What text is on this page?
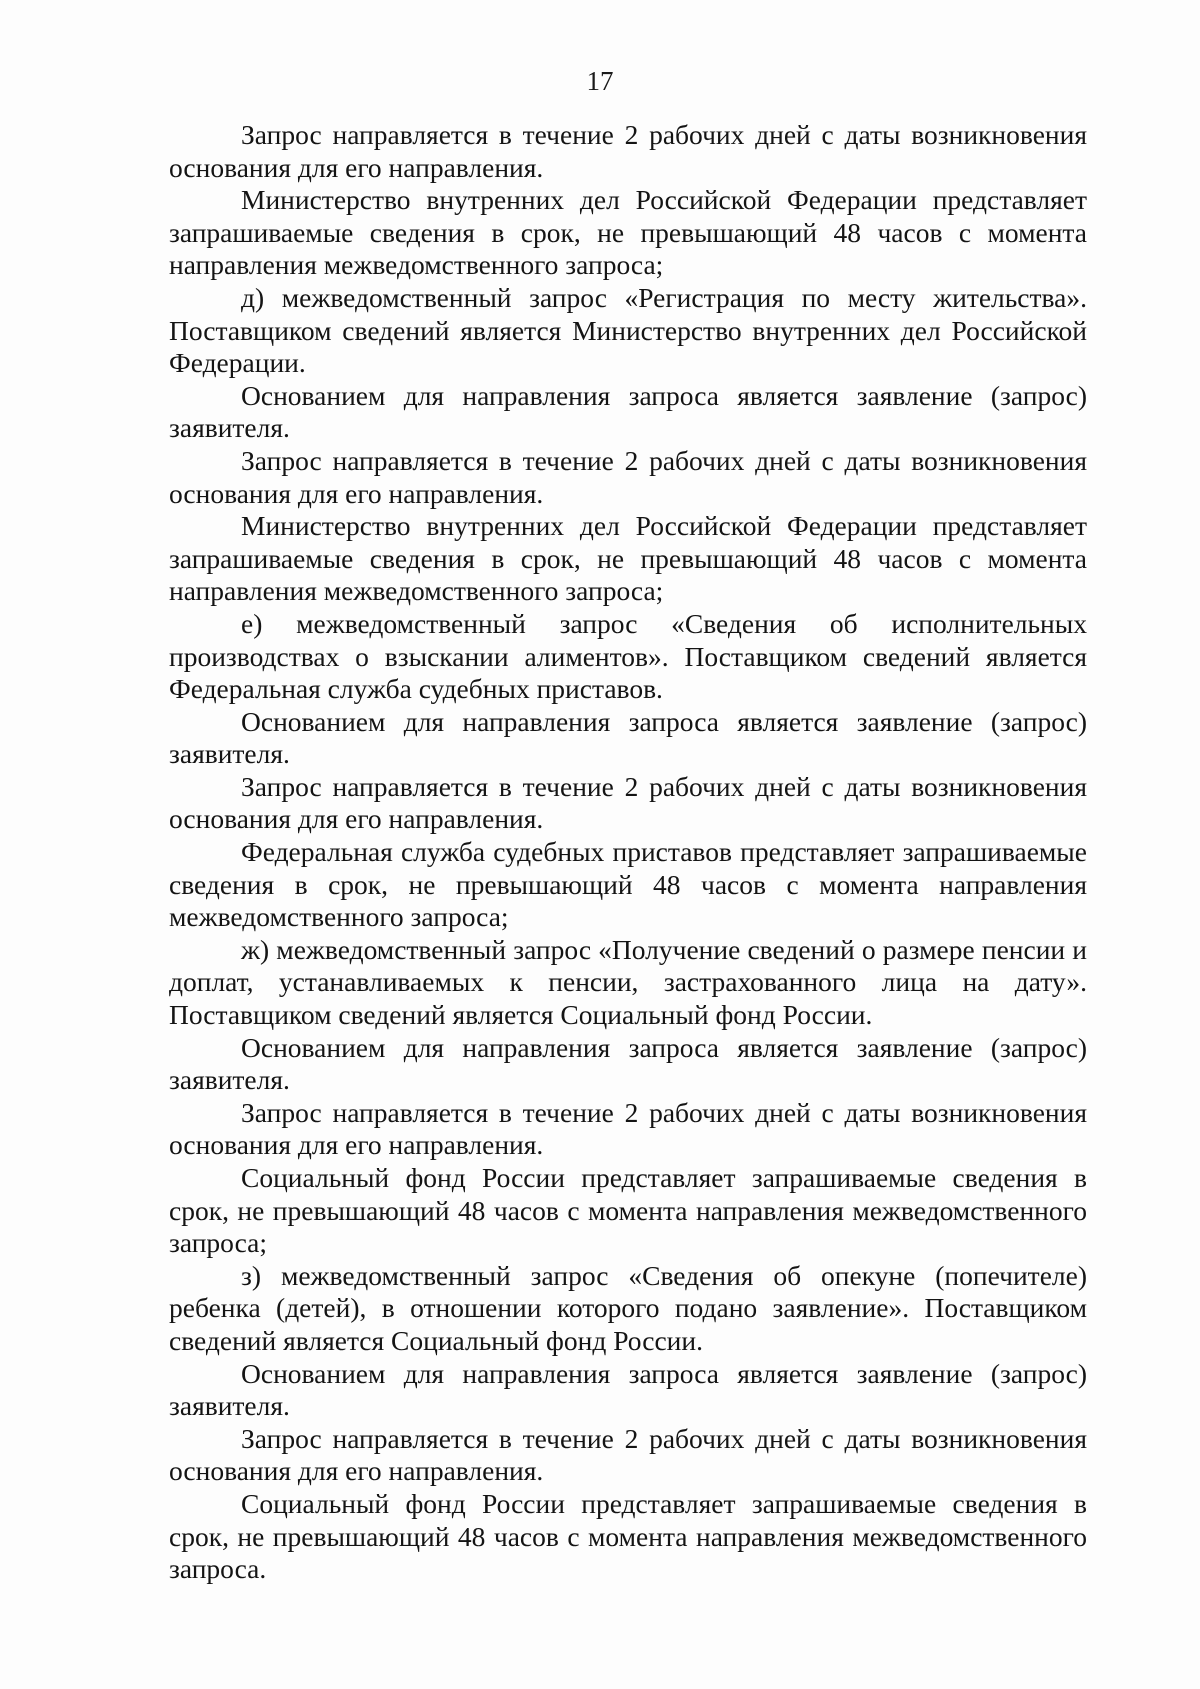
17

Запрос направляется в течение 2 рабочих дней с даты возникновения основания для его направления.

Министерство внутренних дел Российской Федерации представляет запрашиваемые сведения в срок, не превышающий 48 часов с момента направления межведомственного запроса;

д) межведомственный запрос «Регистрация по месту жительства». Поставщиком сведений является Министерство внутренних дел Российской Федерации.

Основанием для направления запроса является заявление (запрос) заявителя.

Запрос направляется в течение 2 рабочих дней с даты возникновения основания для его направления.

Министерство внутренних дел Российской Федерации представляет запрашиваемые сведения в срок, не превышающий 48 часов с момента направления межведомственного запроса;

е) межведомственный запрос «Сведения об исполнительных производствах о взыскании алиментов». Поставщиком сведений является Федеральная служба судебных приставов.

Основанием для направления запроса является заявление (запрос) заявителя.

Запрос направляется в течение 2 рабочих дней с даты возникновения основания для его направления.

Федеральная служба судебных приставов представляет запрашиваемые сведения в срок, не превышающий 48 часов с момента направления межведомственного запроса;

ж) межведомственный запрос «Получение сведений о размере пенсии и доплат, устанавливаемых к пенсии, застрахованного лица на дату». Поставщиком сведений является Социальный фонд России.

Основанием для направления запроса является заявление (запрос) заявителя.

Запрос направляется в течение 2 рабочих дней с даты возникновения основания для его направления.

Социальный фонд России представляет запрашиваемые сведения в срок, не превышающий 48 часов с момента направления межведомственного запроса;

з) межведомственный запрос «Сведения об опекуне (попечителе) ребенка (детей), в отношении которого подано заявление». Поставщиком сведений является Социальный фонд России.

Основанием для направления запроса является заявление (запрос) заявителя.

Запрос направляется в течение 2 рабочих дней с даты возникновения основания для его направления.

Социальный фонд России представляет запрашиваемые сведения в срок, не превышающий 48 часов с момента направления межведомственного запроса.
